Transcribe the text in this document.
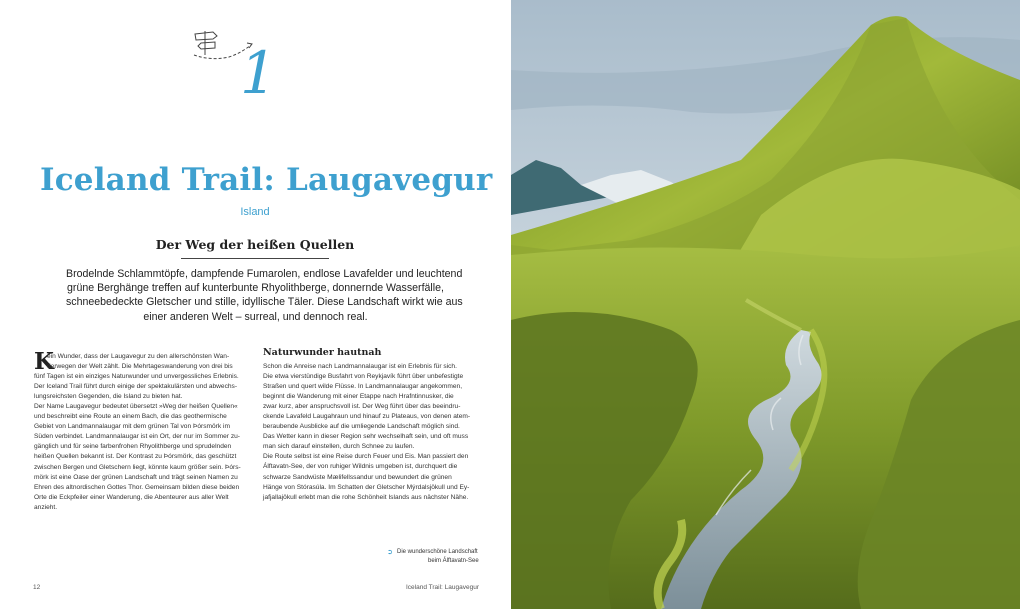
1
Iceland Trail: Laugavegur
Island
Der Weg der heißen Quellen

Brodelnde Schlammtöpfe, dampfende Fumarolen, endlose Lavafelder und leuchtend

grüne Berghänge treffen auf kunterbunte Rhyolithberge, donnernde Wasserfälle,

schneebedeckte Gletscher und stille, idyllische Täler. Diese Landschaft wirkt wie aus

einer anderen Welt – surreal, und dennoch real.

K

ein Wunder, dass der Laugavegur zu den allerschönsten Wan-

derwegen der Welt zählt. Die Mehrtageswanderung von drei bis

fünf Tagen ist ein einziges Naturwunder und unvergessliches Erlebnis.

Der Iceland Trail führt durch einige der spektakulärsten und abwechs-

lungsreichsten Gegenden, die Island zu bieten hat.

Der Name Laugavegur bedeutet übersetzt »Weg der heißen Quellen«

und beschreibt eine Route an einem Bach, die das geothermische

Gebiet von Landmannalaugar mit dem grünen Tal von Þórsmörk im

Süden verbindet. Landmannalaugar ist ein Ort, der nur im Sommer zu-

gänglich und für seine farbenfrohen Rhyolithberge und sprudelnden

heißen Quellen bekannt ist. Der Kontrast zu Þórsmörk, das geschützt

zwischen Bergen und Gletschern liegt, könnte kaum größer sein. Þórs-

mörk ist eine Oase der grünen Landschaft und trägt seinen Namen zu

Ehren des altnordischen Gottes Thor. Gemeinsam bilden diese beiden

Orte die Eckpfeiler einer Wanderung, die Abenteurer aus aller Welt

anzieht.

Naturwunder hautnah

Schon die Anreise nach Landmannalaugar ist ein Erlebnis für sich.

Die etwa vierstündige Busfahrt von Reykjavík führt über unbefestigte

Straßen und quert wilde Flüsse. In Landmannalaugar angekommen,

beginnt die Wanderung mit einer Etappe nach Hrafntinnusker, die

zwar kurz, aber anspruchsvoll ist. Der Weg führt über das beeindru-

ckende Lavafeld Laugahraun und hinauf zu Plateaus, von denen atem-

beraubende Ausblicke auf die umliegende Landschaft möglich sind.

Das Wetter kann in dieser Region sehr wechselhaft sein, und oft muss

man sich darauf einstellen, durch Schnee zu laufen.

Die Route selbst ist eine Reise durch Feuer und Eis. Man passiert den

Álftavatn-See, der von ruhiger Wildnis umgeben ist, durchquert die

schwarze Sandwüste Mælifellssandur und bewundert die grünen

Hänge von Stórasúla. Im Schatten der Gletscher Mýrdalsjökull und Ey-

jafjallajökull erlebt man die rohe Schönheit Islands aus nächster Nähe.

➲ Die wunderschöne Landschaft

beim Álftavatn-See

12	Iceland Trail: Laugavegur
